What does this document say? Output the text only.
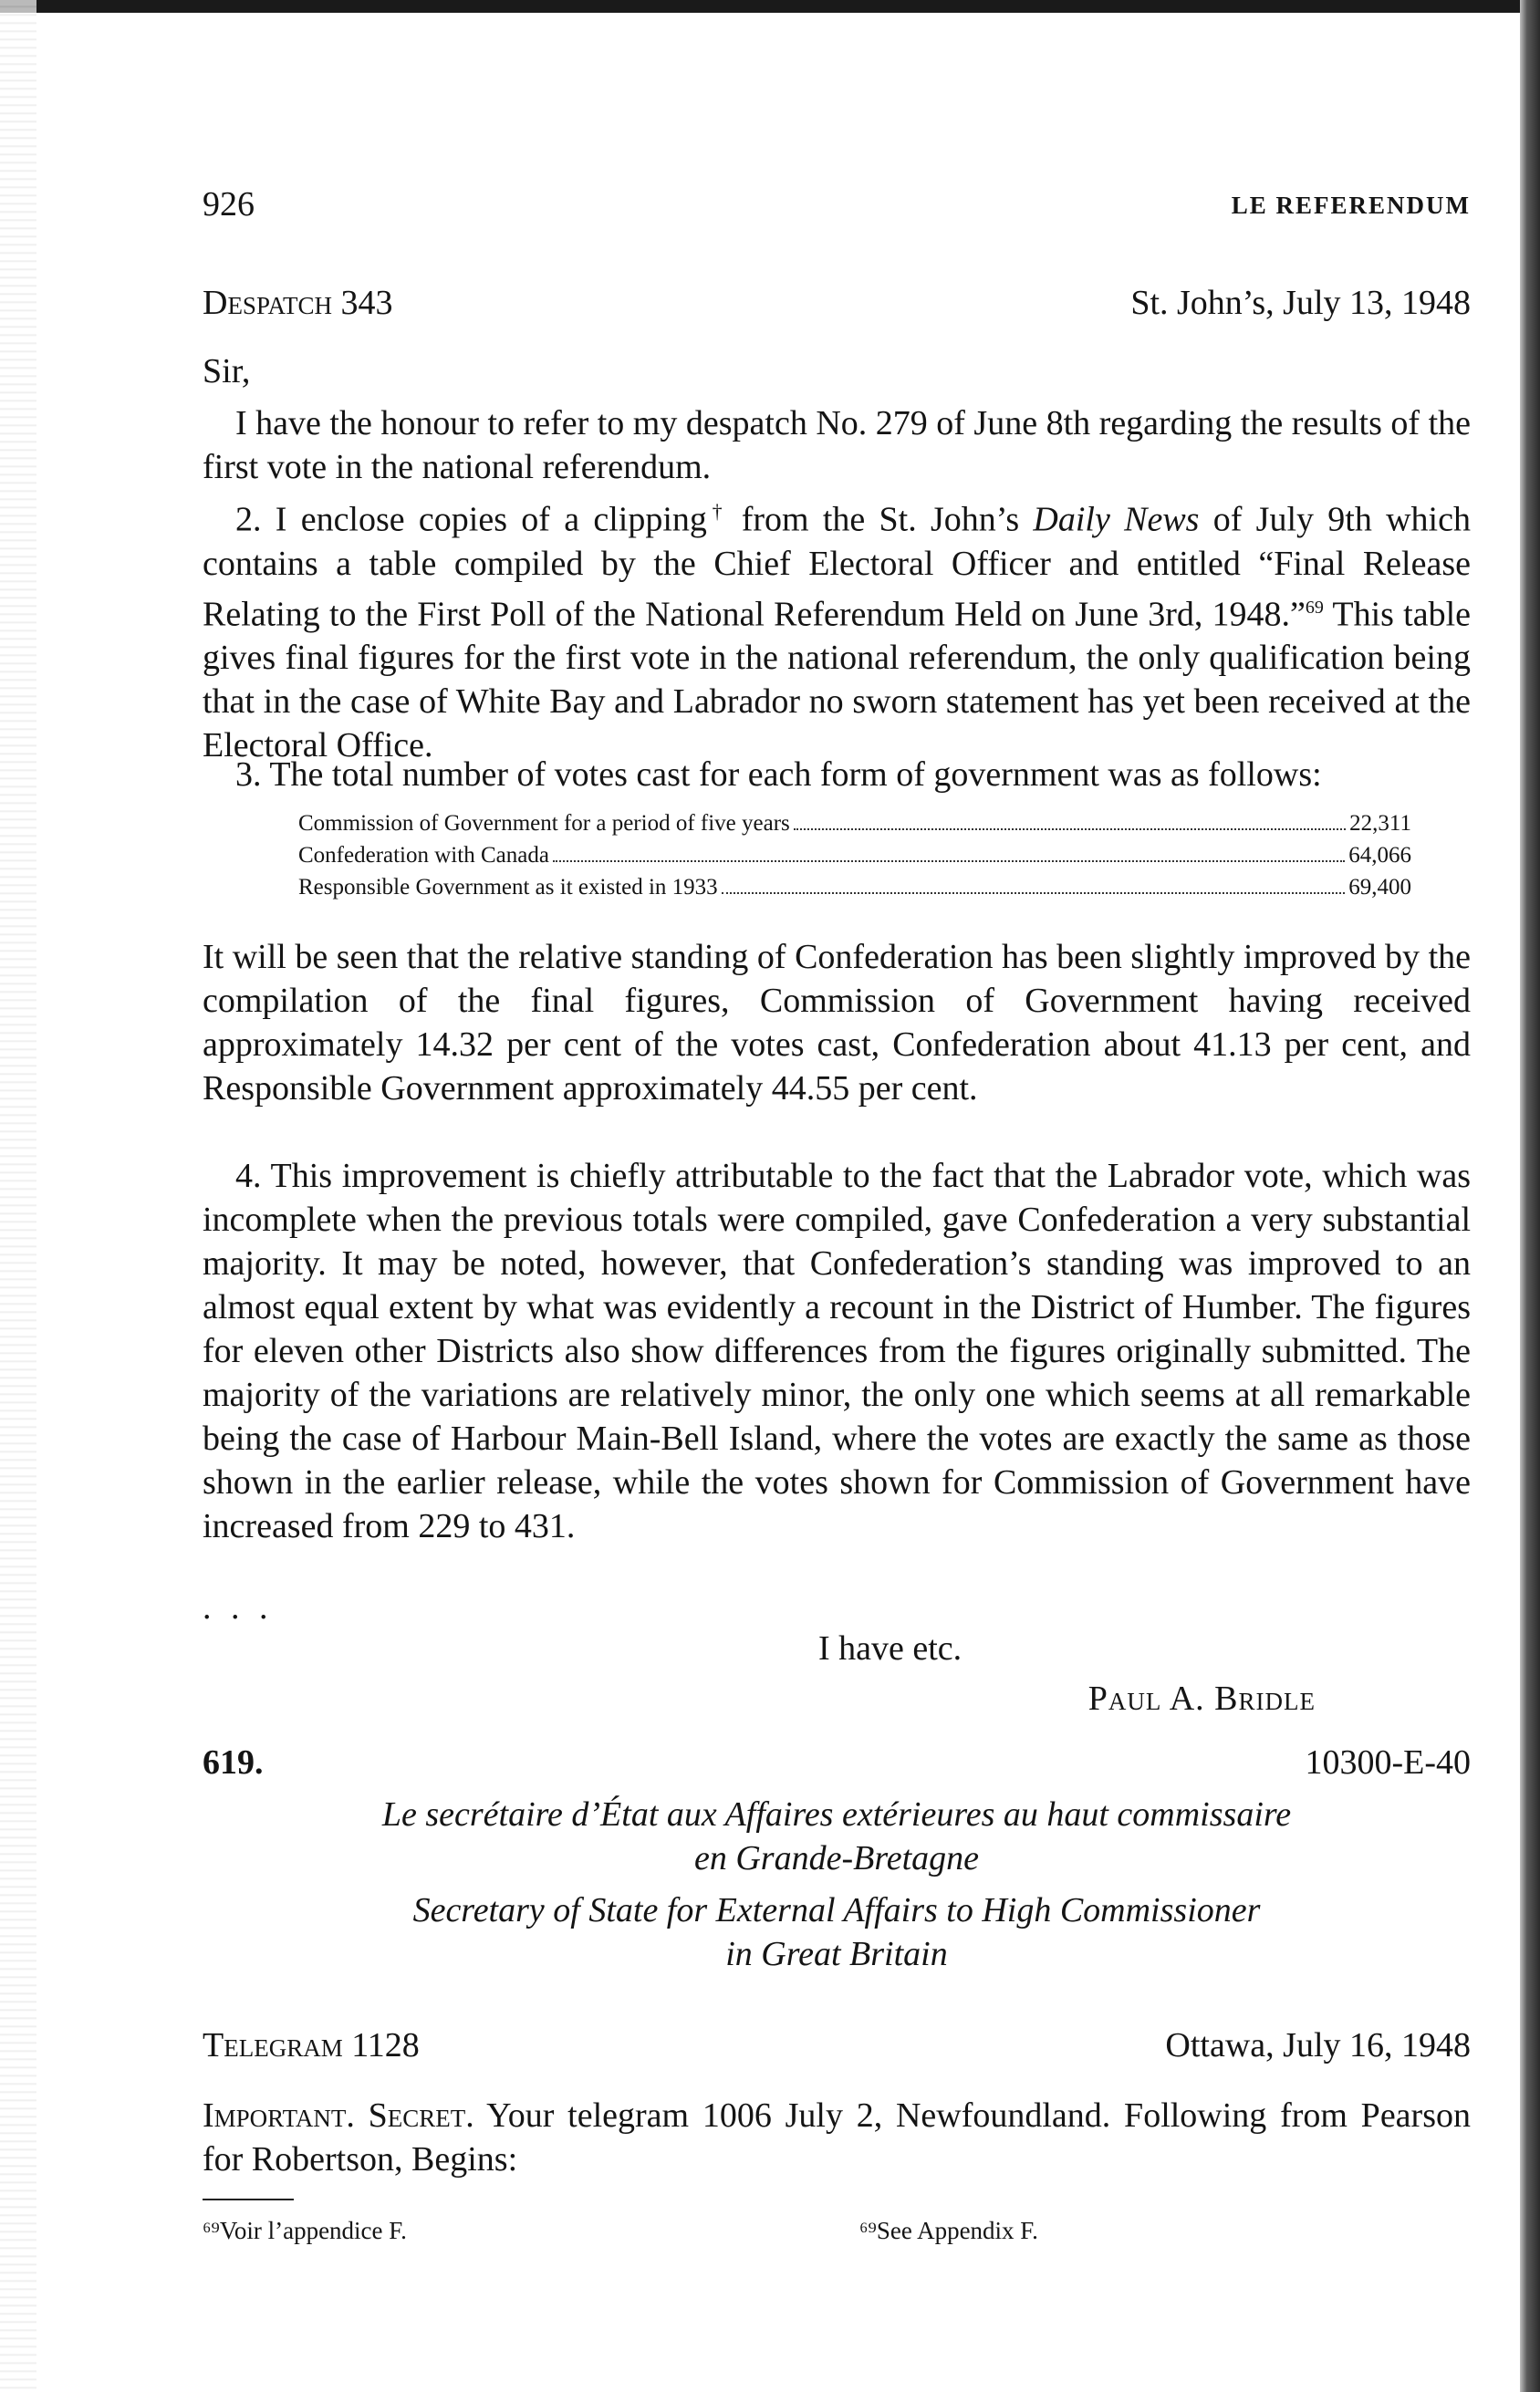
926	LE REFERENDUM
Despatch 343	St. John’s, July 13, 1948
Sir,

I have the honour to refer to my despatch No. 279 of June 8th regarding the results of the first vote in the national referendum.

2. I enclose copies of a clipping† from the St. John’s Daily News of July 9th which contains a table compiled by the Chief Electoral Officer and entitled “Final Release Relating to the First Poll of the National Referendum Held on June 3rd, 1948.”$^{69}$ This table gives final figures for the first vote in the national referendum, the only qualification being that in the case of White Bay and Labrador no sworn statement has yet been received at the Electoral Office.

3. The total number of votes cast for each form of government was as follows:

Commission of Government for a period of five years	22,311
Confederation with Canada	64,066
Responsible Government as it existed in 1933	69,400

It will be seen that the relative standing of Confederation has been slightly improved by the compilation of the final figures, Commission of Government having received approximately 14.32 per cent of the votes cast, Confederation about 41.13 per cent, and Responsible Government approximately 44.55 per cent.

4. This improvement is chiefly attributable to the fact that the Labrador vote, which was incomplete when the previous totals were compiled, gave Confederation a very substantial majority. It may be noted, however, that Confederation’s standing was improved to an almost equal extent by what was evidently a recount in the District of Humber. The figures for eleven other Districts also show differences from the figures originally submitted. The majority of the variations are relatively minor, the only one which seems at all remarkable being the case of Harbour Main-Bell Island, where the votes are exactly the same as those shown in the earlier release, while the votes shown for Commission of Government have increased from 229 to 431.

. . .
I have etc.
Paul A. Bridle
619.	10300-E-40
Le secrétaire d’État aux Affaires extérieures au haut commissaire
en Grande-Bretagne
Secretary of State for External Affairs to High Commissioner
in Great Britain
Telegram 1128	Ottawa, July 16, 1948

Important. Secret. Your telegram 1006 July 2, Newfoundland. Following from Pearson for Robertson, Begins:

⁶⁹Voir l’appendice F.	⁶⁹See Appendix F.
